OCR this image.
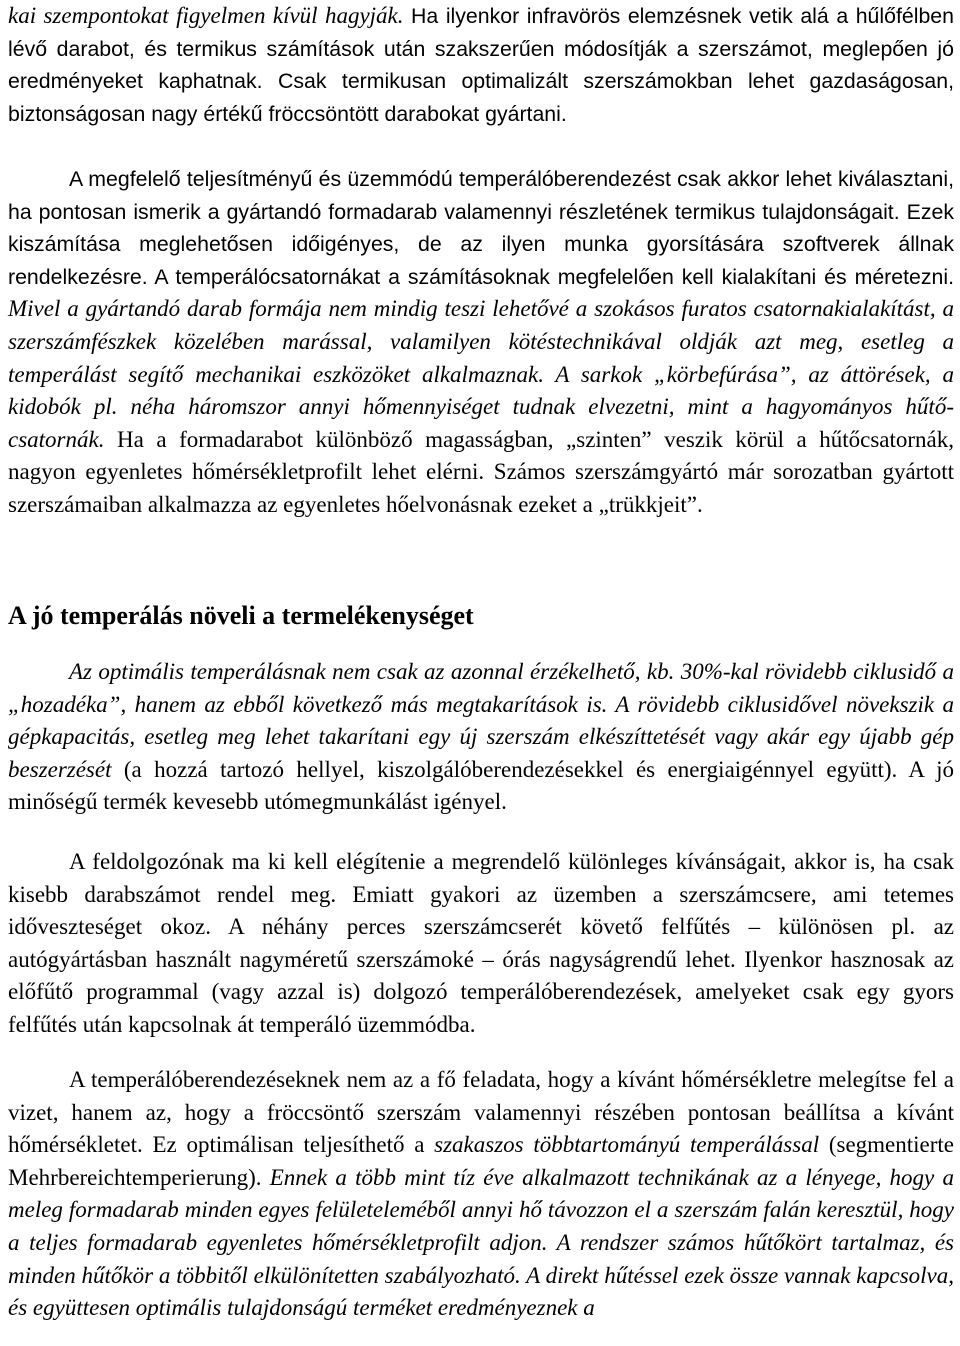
kai szempontokat figyelmen kívül hagyják. Ha ilyenkor infravörös elemzésnek vetik alá a hűlőfélben lévő darabot, és termikus számítások után szakszerűen módosítják a szerszámot, meglepően jó eredményeket kaphatnak. Csak termikusan optimalizált szerszámokban lehet gazdaságosan, biztonságosan nagy értékű fröccsöntött darabokat gyártani.

A megfelelő teljesítményű és üzemmódú temperálóberendezést csak akkor lehet kiválasztani, ha pontosan ismerik a gyártandó formadarab valamennyi részletének termikus tulajdonságait. Ezek kiszámítása meglehetősen időigényes, de az ilyen munka gyorsítására szoftverek állnak rendelkezésre. A temperálócsatornákat a számításoknak megfelelően kell kialakítani és méretezni. Mivel a gyártandó darab formája nem mindig teszi lehetővé a szokásos furatos csatornakialakítást, a szerszámfészkek közelében marással, valamilyen kötéstechnikával oldják azt meg, esetleg a temperálást segítő mechanikai eszközöket alkalmaznak. A sarkok „körbefúrása”, az áttörések, a kidobók pl. néha háromszor annyi hőmennyiséget tudnak elvezetni, mint a hagyományos hűtőcsatornák. Ha a formadarabot különböző magasságban, „szinten” veszik körül a hűtőcsatornák, nagyon egyenletes hőmérsékletprofilt lehet elérni. Számos szerszámgyártó már sorozatban gyártott szerszámaiban alkalmazza az egyenletes hőelvonásnak ezeket a „trükkjeit”.

A jó temperálás növeli a termelékenységet

Az optimális temperálásnak nem csak az azonnal érzékelhető, kb. 30%-kal rövidebb ciklusidő a „hozadéka”, hanem az ebből következő más megtakarítások is. A rövidebb ciklusidővel növekszik a gépkapacitás, esetleg meg lehet takarítani egy új szerszám elkészíttetését vagy akár egy újabb gép beszerzését (a hozzá tartozó hellyel, kiszolgálóberendezésekkel és energiaigénnyel együtt). A jó minőségű termék kevesebb utómegmunkálást igényel.

A feldolgozónak ma ki kell elégítenie a megrendelő különleges kívánságait, akkor is, ha csak kisebb darabszámot rendel meg. Emiatt gyakori az üzemben a szerszámcsere, ami tetemes időveszteséget okoz. A néhány perces szerszámcserét követő felfűtés – különösen pl. az autógyártásban használt nagyméretű szerszámoké – órás nagyságrendű lehet. Ilyenkor hasznosak az előfűtő programmal (vagy azzal is) dolgozó temperálóberendezések, amelyeket csak egy gyors felfűtés után kapcsolnak át temperáló üzemmódba.

A temperálóberendezéseknek nem az a fő feladata, hogy a kívánt hőmérsékletre melegítse fel a vizet, hanem az, hogy a fröccsöntő szerszám valamennyi részében pontosan beállítsa a kívánt hőmérsékletet. Ez optimálisan teljesíthető a szakaszos többtartományú temperálással (segmentierte Mehrbereichtemperierung). Ennek a több mint tíz éve alkalmazott technikának az a lényege, hogy a meleg formadarab minden egyes felületeleméből annyi hő távozzon el a szerszám falán keresztül, hogy a teljes formadarab egyenletes hőmérsékletprofilt adjon. A rendszer számos hűtőkört tartalmaz, és minden hűtőkör a többitől elkülönítetten szabályozható. A direkt hűtéssel ezek össze vannak kapcsolva, és együttesen optimális tulajdonságú terméket eredményeznek a
